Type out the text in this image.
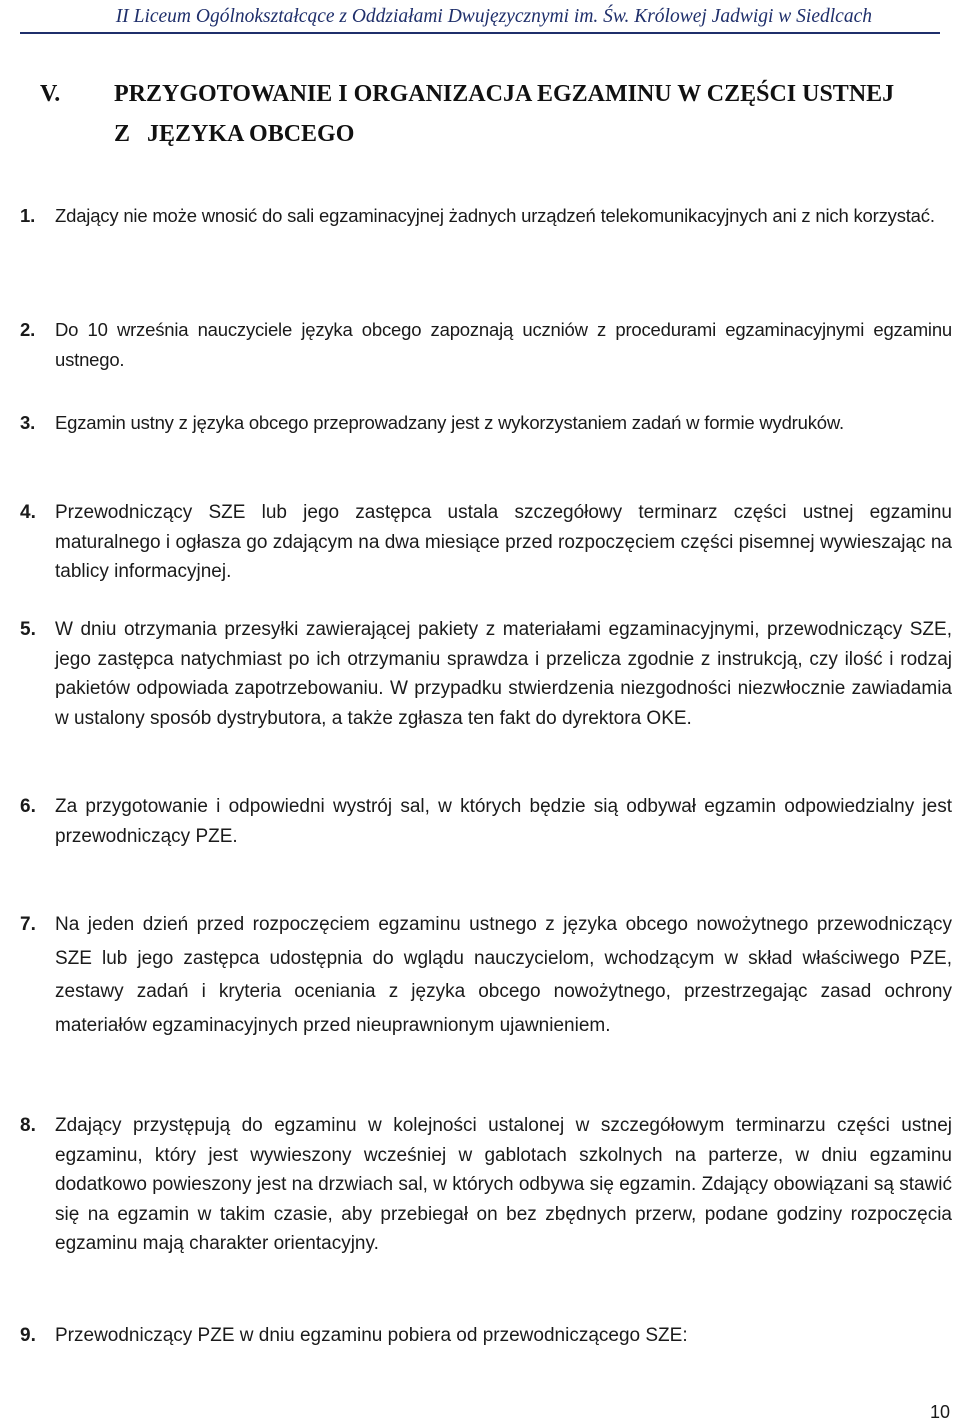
II Liceum Ogólnokształcące z Oddziałami Dwujęzycznymi im. Św. Królowej Jadwigi w Siedlcach
V. PRZYGOTOWANIE I ORGANIZACJA EGZAMINU W CZĘŚCI USTNEJ
Z JĘZYKA OBCEGO
1. Zdający nie może wnosić do sali egzaminacyjnej żadnych urządzeń telekomunikacyjnych ani z nich korzystać.
2. Do 10 września nauczyciele języka obcego zapoznają uczniów z procedurami egzaminacyjnymi egzaminu ustnego.
3. Egzamin ustny z języka obcego przeprowadzany jest z wykorzystaniem zadań w formie wydruków.
4. Przewodniczący SZE lub jego zastępca ustala szczegółowy terminarz części ustnej egzaminu maturalnego i ogłasza go zdającym na dwa miesiące przed rozpoczęciem części pisemnej wywieszając na tablicy informacyjnej.
5. W dniu otrzymania przesyłki zawierającej pakiety z materiałami egzaminacyjnymi, przewodniczący SZE, jego zastępca natychmiast po ich otrzymaniu sprawdza i przelicza zgodnie z instrukcją, czy ilość i rodzaj pakietów odpowiada zapotrzebowaniu. W przypadku stwierdzenia niezgodności niezwłocznie zawiadamia w ustalony sposób dystrybutora, a także zgłasza ten fakt do dyrektora OKE.
6. Za przygotowanie i odpowiedni wystrój sal, w których będzie sią odbywał egzamin odpowiedzialny jest przewodniczący PZE.
7. Na jeden dzień przed rozpoczęciem egzaminu ustnego z języka obcego nowożytnego przewodniczący SZE lub jego zastępca udostępnia do wglądu nauczycielom, wchodzącym w skład właściwego PZE, zestawy zadań i kryteria oceniania z języka obcego nowożytnego, przestrzegając zasad ochrony materiałów egzaminacyjnych przed nieuprawnionym ujawnieniem.
8. Zdający przystępują do egzaminu w kolejności ustalonej w szczegółowym terminarzu części ustnej egzaminu, który jest wywieszony wcześniej w gablotach szkolnych na parterze, w dniu egzaminu dodatkowo powieszony jest na drzwiach sal, w których odbywa się egzamin. Zdający obowiązani są stawić się na egzamin w takim czasie, aby przebiegał on bez zbędnych przerw, podane godziny rozpoczęcia egzaminu mają charakter orientacyjny.
9. Przewodniczący PZE w dniu egzaminu pobiera od przewodniczącego SZE:
10
